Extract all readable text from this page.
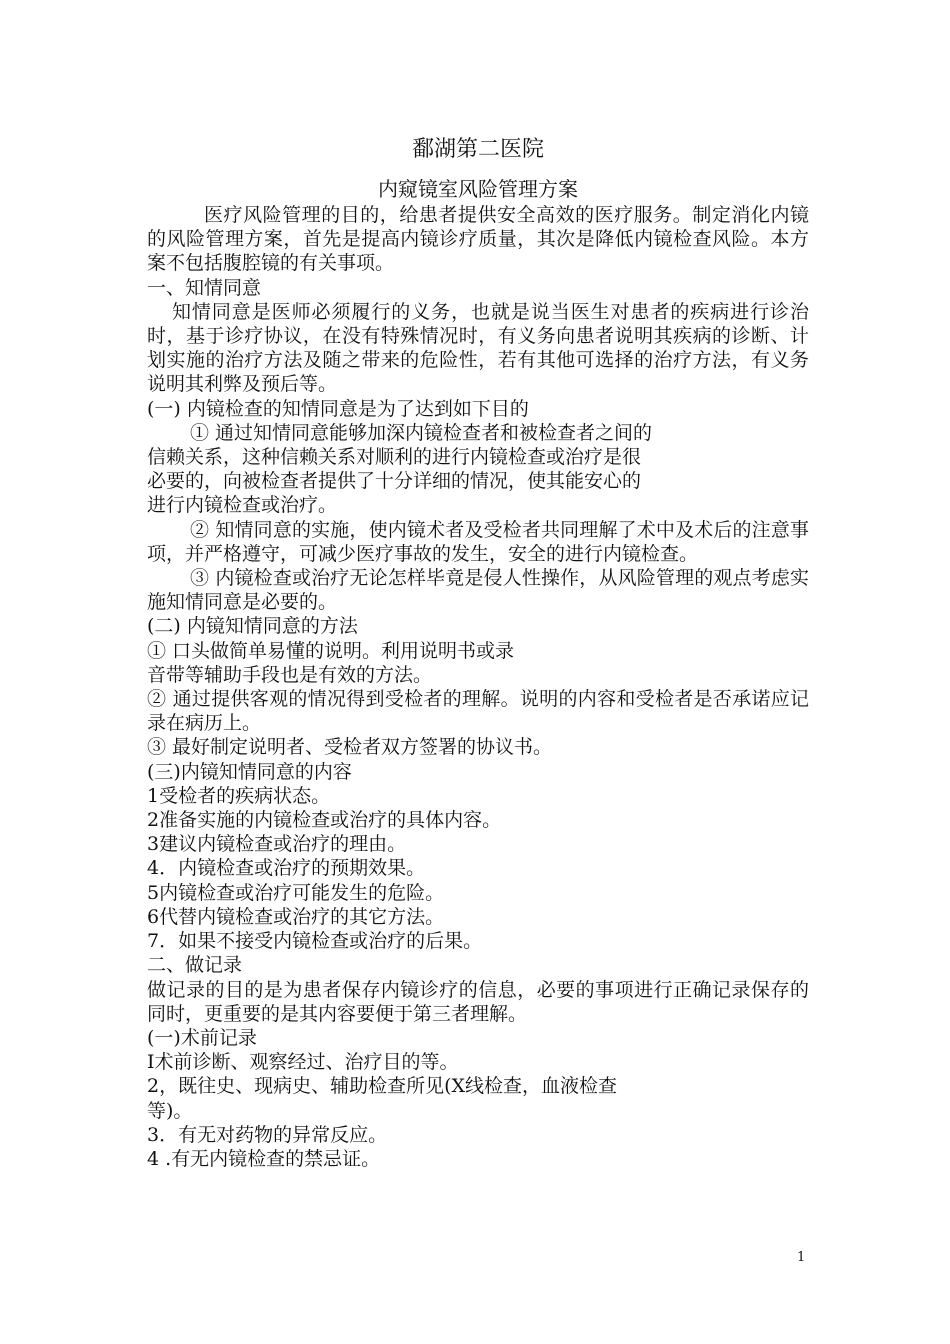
鄱湖第二医院
内窥镜室风险管理方案

医疗风险管理的目的，给患者提供安全高效的医疗服务。制定消化内镜的风险管理方案，首先是提高内镜诊疗质量，其次是降低内镜检查风险。本方案不包括腹腔镜的有关事项。

一、知情同意

知情同意是医师必须履行的义务，也就是说当医生对患者的疾病进行诊治时，基于诊疗协议，在没有特殊情况时，有义务向患者说明其疾病的诊断、计划实施的治疗方法及随之带来的危险性，若有其他可选择的治疗方法，有义务说明其利弊及预后等。

(一) 内镜检查的知情同意是为了达到如下目的

① 通过知情同意能够加深内镜检查者和被检查者之间的

信赖关系，这种信赖关系对顺利的进行内镜检查或治疗是很

必要的，向被检查者提供了十分详细的情况，使其能安心的

进行内镜检查或治疗。

② 知情同意的实施，使内镜术者及受检者共同理解了术中及术后的注意事项，并严格遵守，可减少医疗事故的发生，安全的进行内镜检查。

③ 内镜检查或治疗无论怎样毕竟是侵人性操作，从风险管理的观点考虑实施知情同意是必要的。

(二) 内镜知情同意的方法

① 口头做简单易懂的说明。利用说明书或录

音带等辅助手段也是有效的方法。

② 通过提供客观的情况得到受检者的理解。说明的内容和受检者是否承诺应记录在病历上。

③ 最好制定说明者、受检者双方签署的协议书。

(三)内镜知情同意的内容

1受检者的疾病状态。

2准备实施的内镜检查或治疗的具体内容。

3建议内镜检查或治疗的理由。

4．内镜检查或治疗的预期效果。

5内镜检查或治疗可能发生的危险。

6代替内镜检查或治疗的其它方法。

7．如果不接受内镜检查或治疗的后果。

二、做记录

做记录的目的是为患者保存内镜诊疗的信息，必要的事项进行正确记录保存的同时，更重要的是其内容要便于第三者理解。

(一)术前记录

I术前诊断、观察经过、治疗目的等。

2，既往史、现病史、辅助检查所见(X线检查，血液检查

等)。

3．有无对药物的异常反应。

4 .有无内镜检查的禁忌证。

1
